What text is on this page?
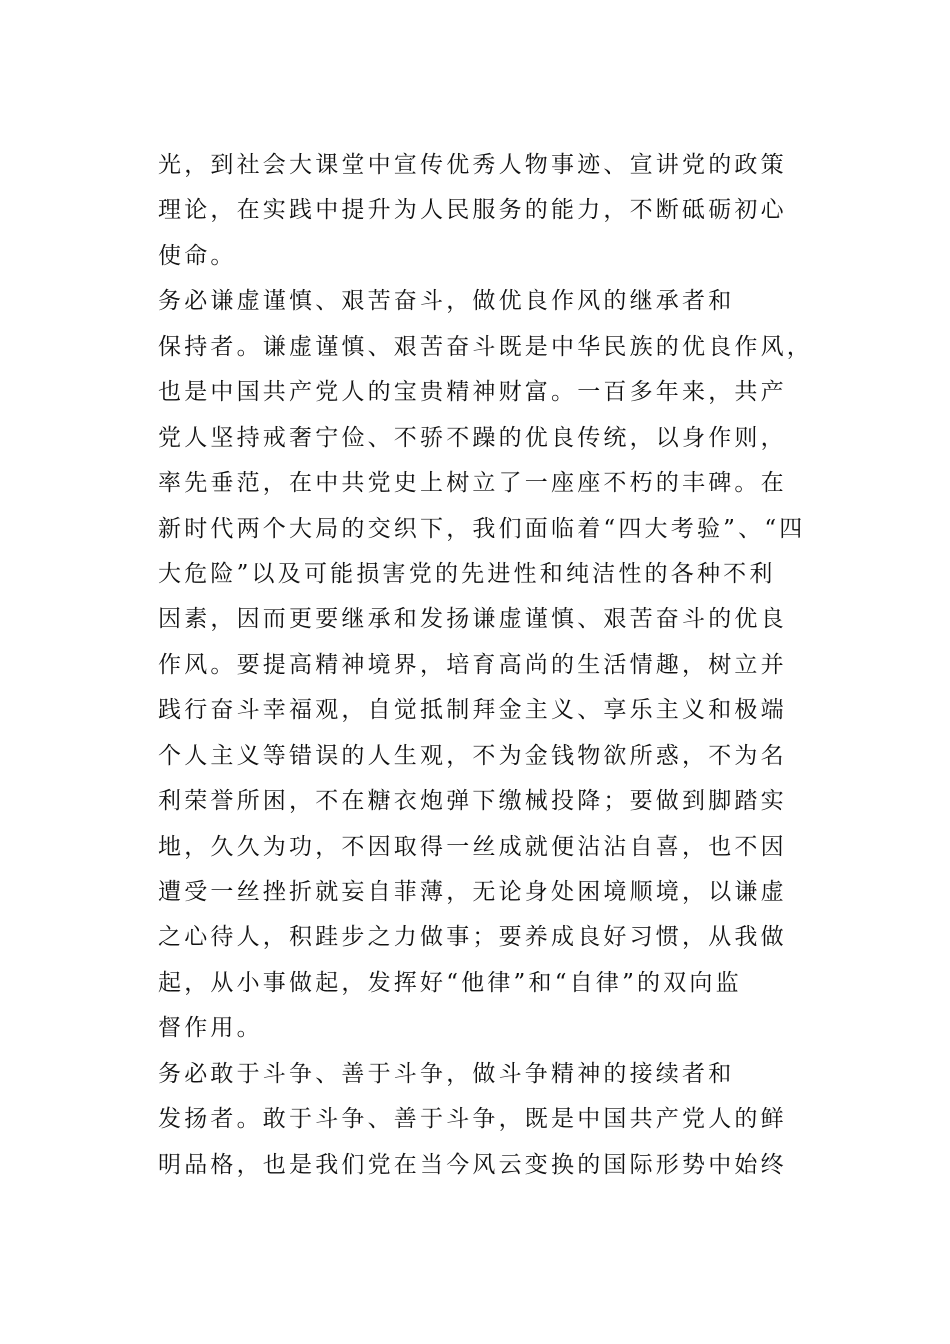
光，到社会大课堂中宣传优秀人物事迹、宣讲党的政策
理论，在实践中提升为人民服务的能力，不断砥砺初心
使命。
务必谦虚谨慎、艰苦奋斗，做优良作风的继承者和
保持者。谦虚谨慎、艰苦奋斗既是中华民族的优良作风，
也是中国共产党人的宝贵精神财富。一百多年来，共产
党人坚持戒奢宁俭、不骄不躁的优良传统，以身作则，
率先垂范，在中共党史上树立了一座座不朽的丰碑。在
新时代两个大局的交织下，我们面临着“四大考验”、“四
大危险”以及可能损害党的先进性和纯洁性的各种不利
因素，因而更要继承和发扬谦虚谨慎、艰苦奋斗的优良
作风。要提高精神境界，培育高尚的生活情趣，树立并
践行奋斗幸福观，自觉抵制拜金主义、享乐主义和极端
个人主义等错误的人生观，不为金钱物欲所惑，不为名
利荣誉所困，不在糖衣炮弹下缴械投降；要做到脚踏实
地，久久为功，不因取得一丝成就便沾沾自喜，也不因
遭受一丝挫折就妄自菲薄，无论身处困境顺境，以谦虚
之心待人，积跬步之力做事；要养成良好习惯，从我做
起，从小事做起，发挥好“他律”和“自律”的双向监
督作用。
务必敢于斗争、善于斗争，做斗争精神的接续者和
发扬者。敢于斗争、善于斗争，既是中国共产党人的鲜
明品格，也是我们党在当今风云变换的国际形势中始终
